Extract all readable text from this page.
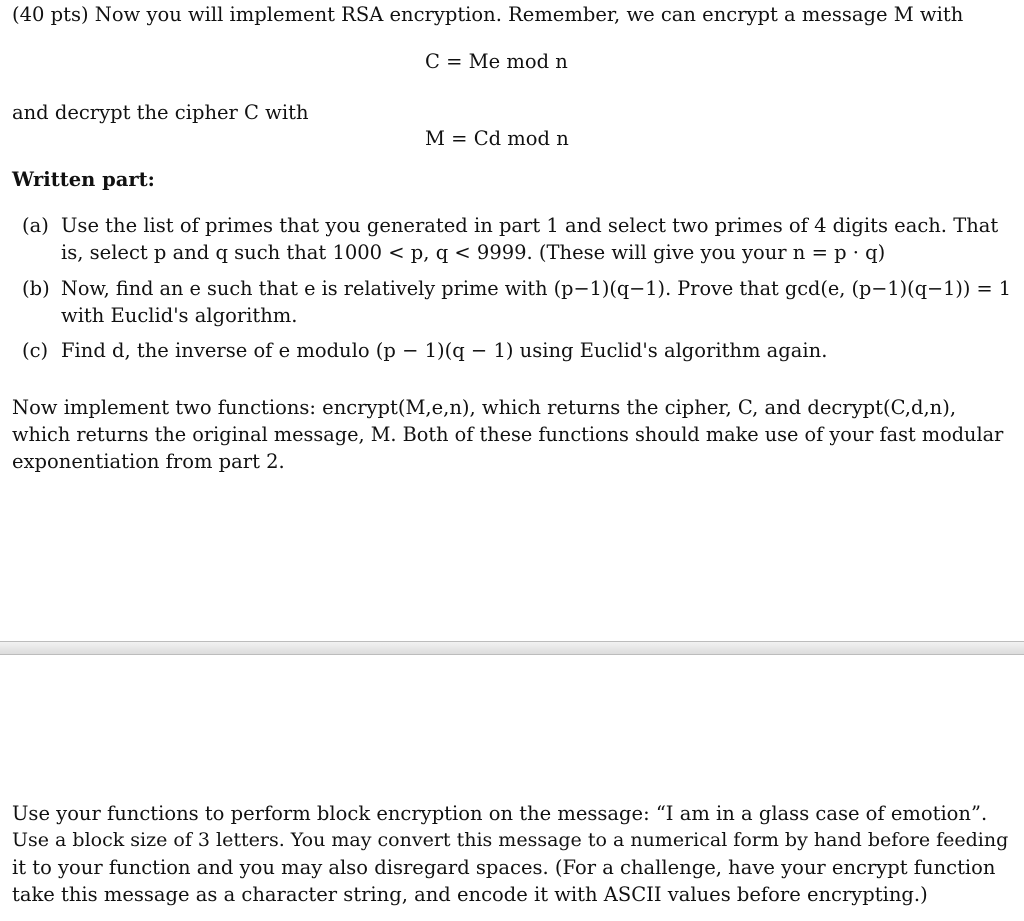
(40 pts) Now you will implement RSA encryption. Remember, we can encrypt a message M with
C = Me mod n
and decrypt the cipher C with
M = Cd mod n
Written part:
(a) Use the list of primes that you generated in part 1 and select two primes of 4 digits each. That
is, select p and q such that 1000 < p, q < 9999. (These will give you your n = p · q)
(b) Now, find an e such that e is relatively prime with (p−1)(q−1). Prove that gcd(e, (p−1)(q−1)) = 1
with Euclid's algorithm.
(c) Find d, the inverse of e modulo (p − 1)(q − 1) using Euclid's algorithm again.
Now implement two functions: encrypt(M,e,n), which returns the cipher, C, and decrypt(C,d,n),
which returns the original message, M. Both of these functions should make use of your fast modular
exponentiation from part 2.
Use your functions to perform block encryption on the message: “I am in a glass case of emotion”.
Use a block size of 3 letters. You may convert this message to a numerical form by hand before feeding
it to your function and you may also disregard spaces. (For a challenge, have your encrypt function
take this message as a character string, and encode it with ASCII values before encrypting.)
